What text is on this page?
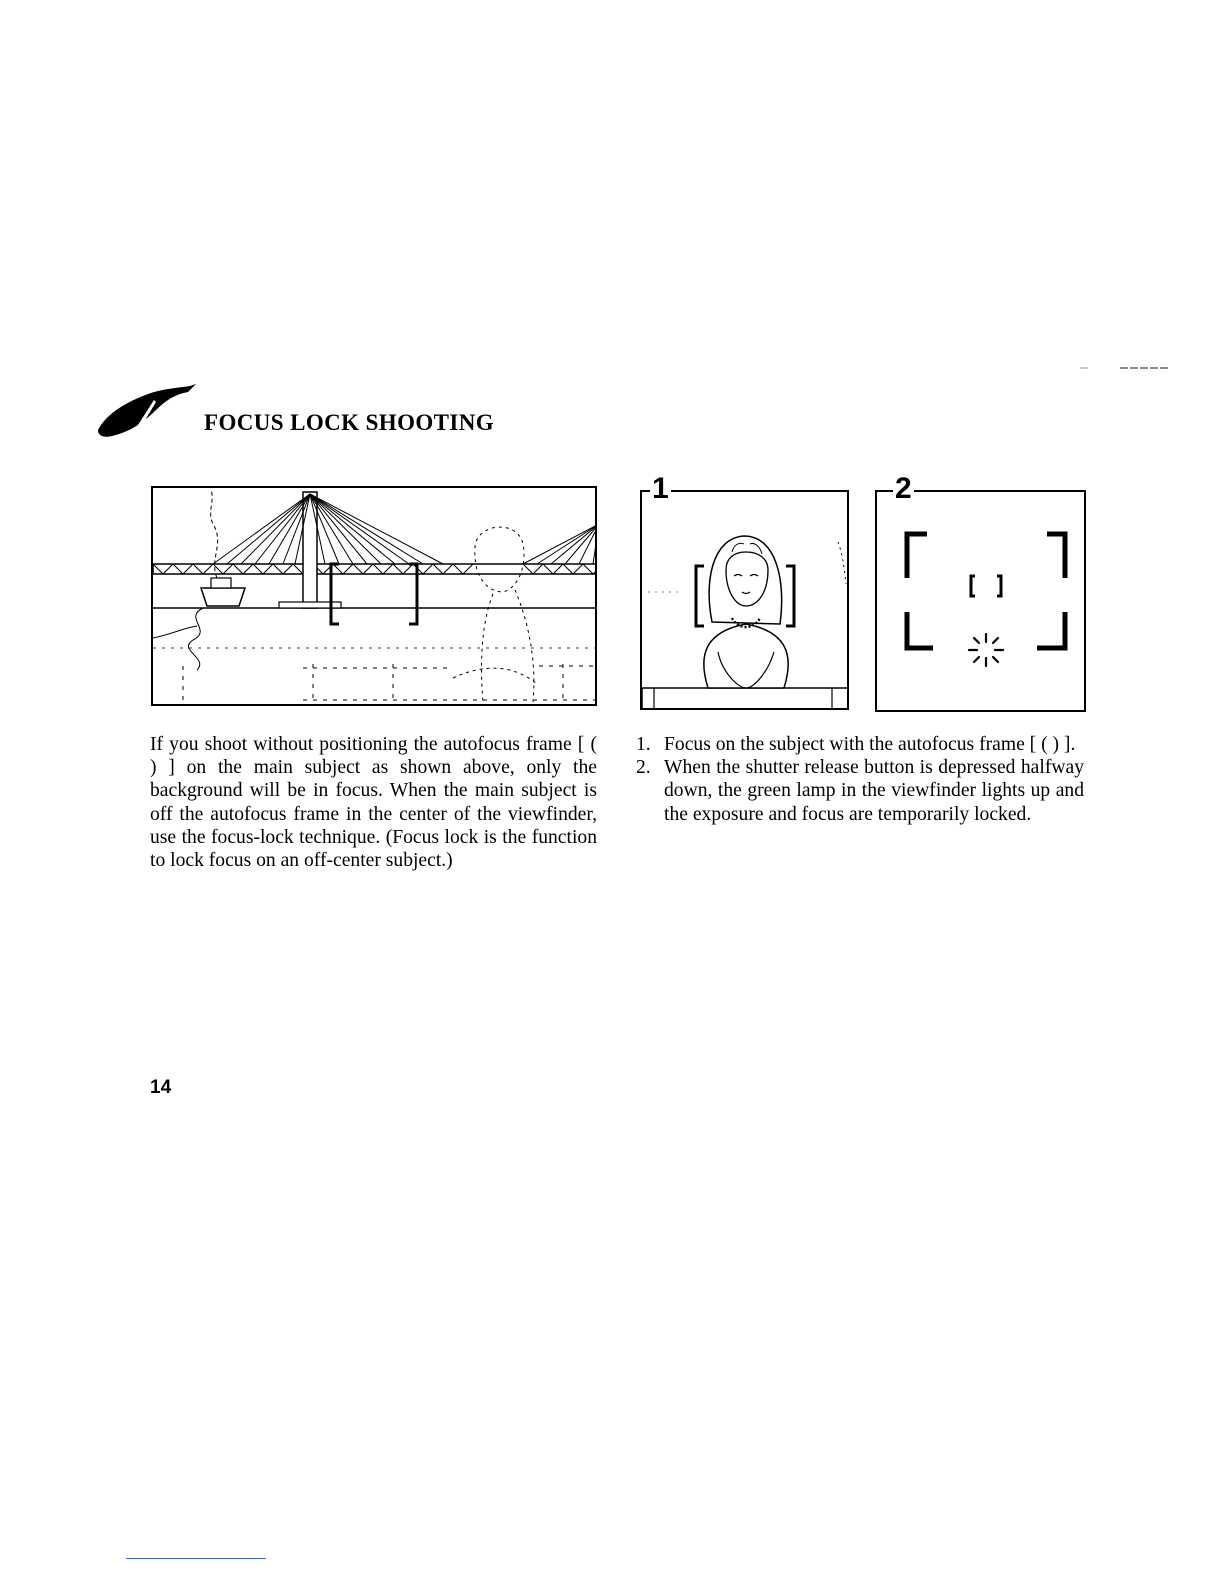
FOCUS LOCK SHOOTING
1	2
If you shoot without positioning the autofocus frame [ ( ) ] on the main subject as shown above, only the background will be in focus. When the main subject is off the autofocus frame in the center of the viewfinder, use the focus-lock technique. (Focus lock is the function to lock focus on an off-center subject.)
1. Focus on the subject with the autofocus frame [ ( ) ].
2. When the shutter release button is depressed halfway down, the green lamp in the viewfinder lights up and the exposure and focus are temporarily locked.
14
